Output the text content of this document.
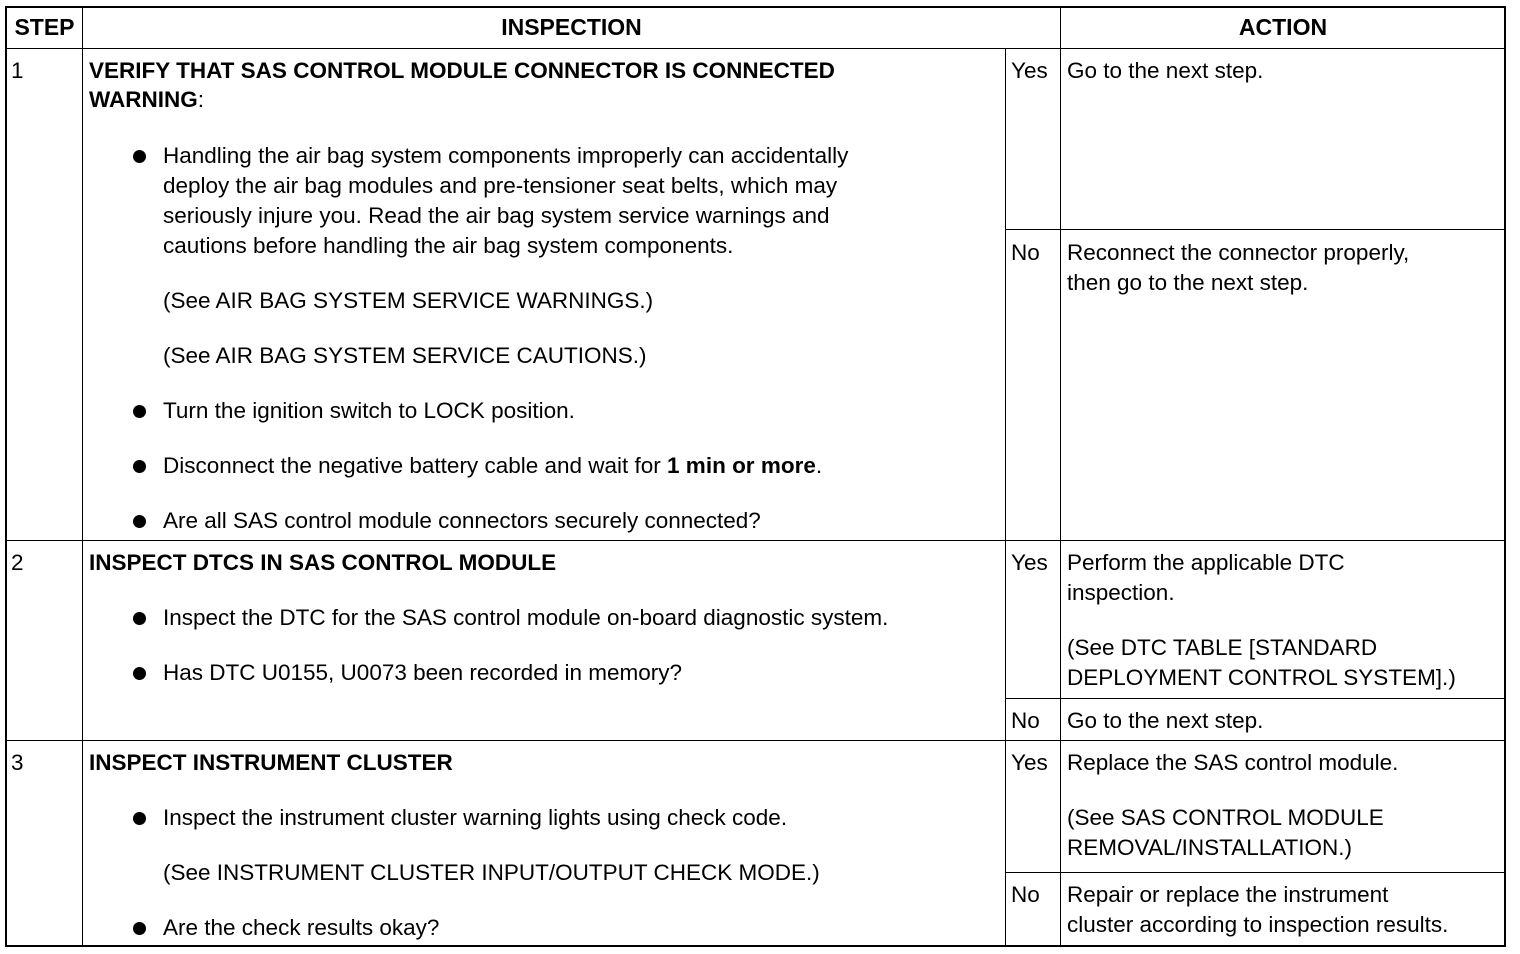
STEP	INSPECTION	ACTION
1	VERIFY THAT SAS CONTROL MODULE CONNECTOR IS CONNECTED
WARNING:
Handling the air bag system components improperly can accidentally
deploy the air bag modules and pre-tensioner seat belts, which may
seriously injure you. Read the air bag system service warnings and
cautions before handling the air bag system components.
(See AIR BAG SYSTEM SERVICE WARNINGS.)
(See AIR BAG SYSTEM SERVICE CAUTIONS.)
Turn the ignition switch to LOCK position.
Disconnect the negative battery cable and wait for 1 min or more.
Are all SAS control module connectors securely connected?
Yes Go to the next step.
No Reconnect the connector properly,
then go to the next step.
2	INSPECT DTCS IN SAS CONTROL MODULE
Inspect the DTC for the SAS control module on-board diagnostic system.
Has DTC U0155, U0073 been recorded in memory?
Yes Perform the applicable DTC
inspection.
(See DTC TABLE [STANDARD
DEPLOYMENT CONTROL SYSTEM].)
No Go to the next step.
3	INSPECT INSTRUMENT CLUSTER
Inspect the instrument cluster warning lights using check code.
(See INSTRUMENT CLUSTER INPUT/OUTPUT CHECK MODE.)
Are the check results okay?
Yes Replace the SAS control module.
(See SAS CONTROL MODULE
REMOVAL/INSTALLATION.)
No Repair or replace the instrument
cluster according to inspection results.
